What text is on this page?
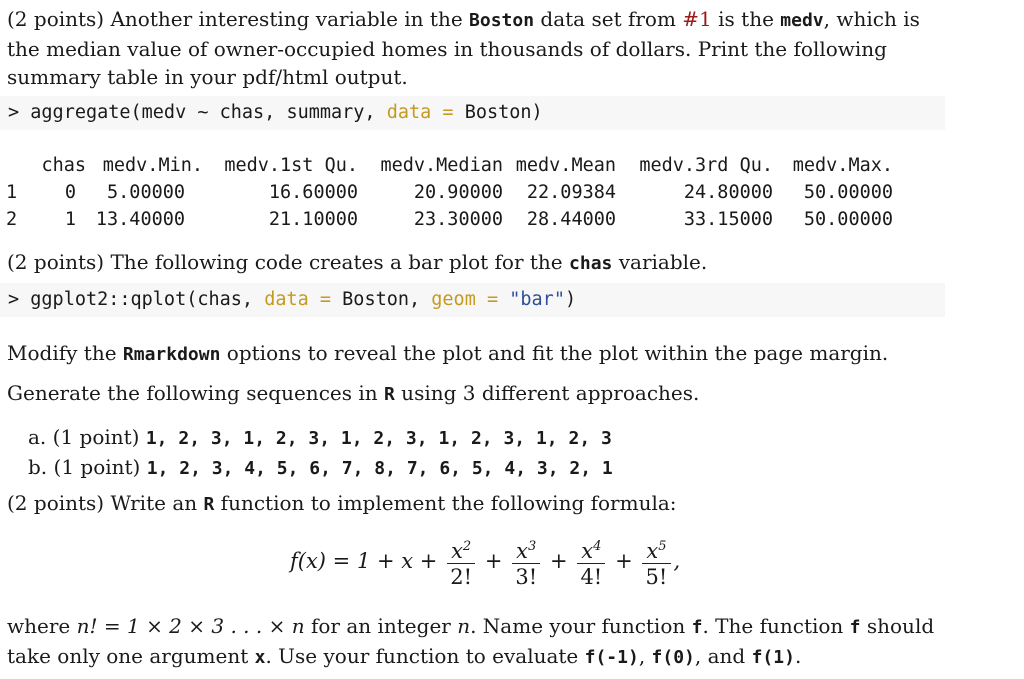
(2 points) Another interesting variable in the Boston data set from #1 is the medv, which is
the median value of owner-occupied homes in thousands of dollars. Print the following
summary table in your pdf/html output.
> aggregate(medv ~ chas, summary, data = Boston)
	chas	medv.Min.	medv.1st Qu.	medv.Median	medv.Mean	medv.3rd Qu.	medv.Max.
1	0	5.00000	16.60000	20.90000	22.09384	24.80000	50.00000
2	1	13.40000	21.10000	23.30000	28.44000	33.15000	50.00000
(2 points) The following code creates a bar plot for the chas variable.
> ggplot2::qplot(chas, data = Boston, geom = "bar")
Modify the Rmarkdown options to reveal the plot and fit the plot within the page margin.
Generate the following sequences in R using 3 different approaches.
a. (1 point) 1, 2, 3, 1, 2, 3, 1, 2, 3, 1, 2, 3, 1, 2, 3
b. (1 point) 1, 2, 3, 4, 5, 6, 7, 8, 7, 6, 5, 4, 3, 2, 1
(2 points) Write an R function to implement the following formula:
$f(x) = 1 + x + \frac{x^2}{2!} + \frac{x^3}{3!} + \frac{x^4}{4!} + \frac{x^5}{5!}$ ,
where n! = 1 × 2 × 3 . . . × n for an integer n. Name your function f. The function f should
take only one argument x. Use your function to evaluate f(-1), f(0), and f(1).
